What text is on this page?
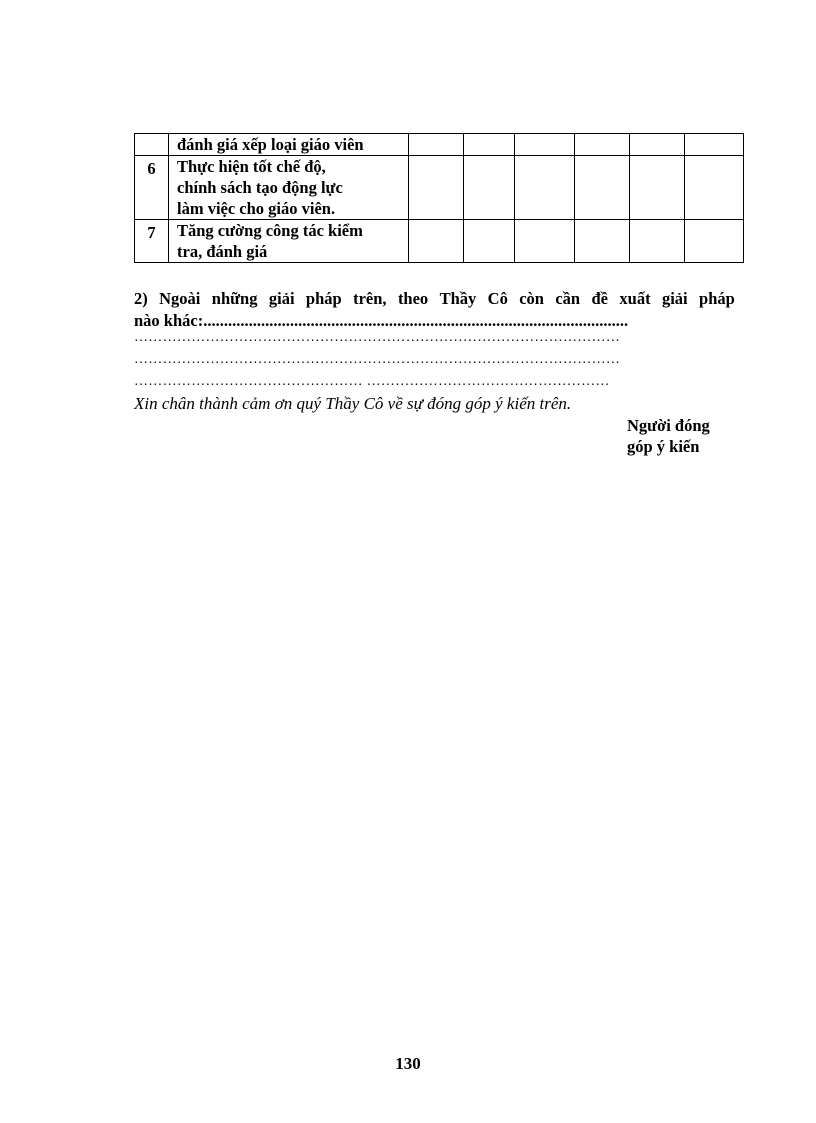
	đánh giá xếp loại giáo viên						

6	Thực hiện tốt chế độ,
chính sách tạo động lực
làm việc cho giáo viên.						

7	Tăng cường công tác kiểm
tra, đánh giá						

2) Ngoài những giải pháp trên, theo Thầy Cô còn cần đề xuất giải pháp
nào khác:.......................................................................................................
…………………………………………………………………………………………
…………………………………………………………………………………………
………………………………………… ……………………………………………
Xin chân thành cảm ơn quý Thầy Cô về sự đóng góp ý kiến trên.
Người đóng
góp ý kiến
130
